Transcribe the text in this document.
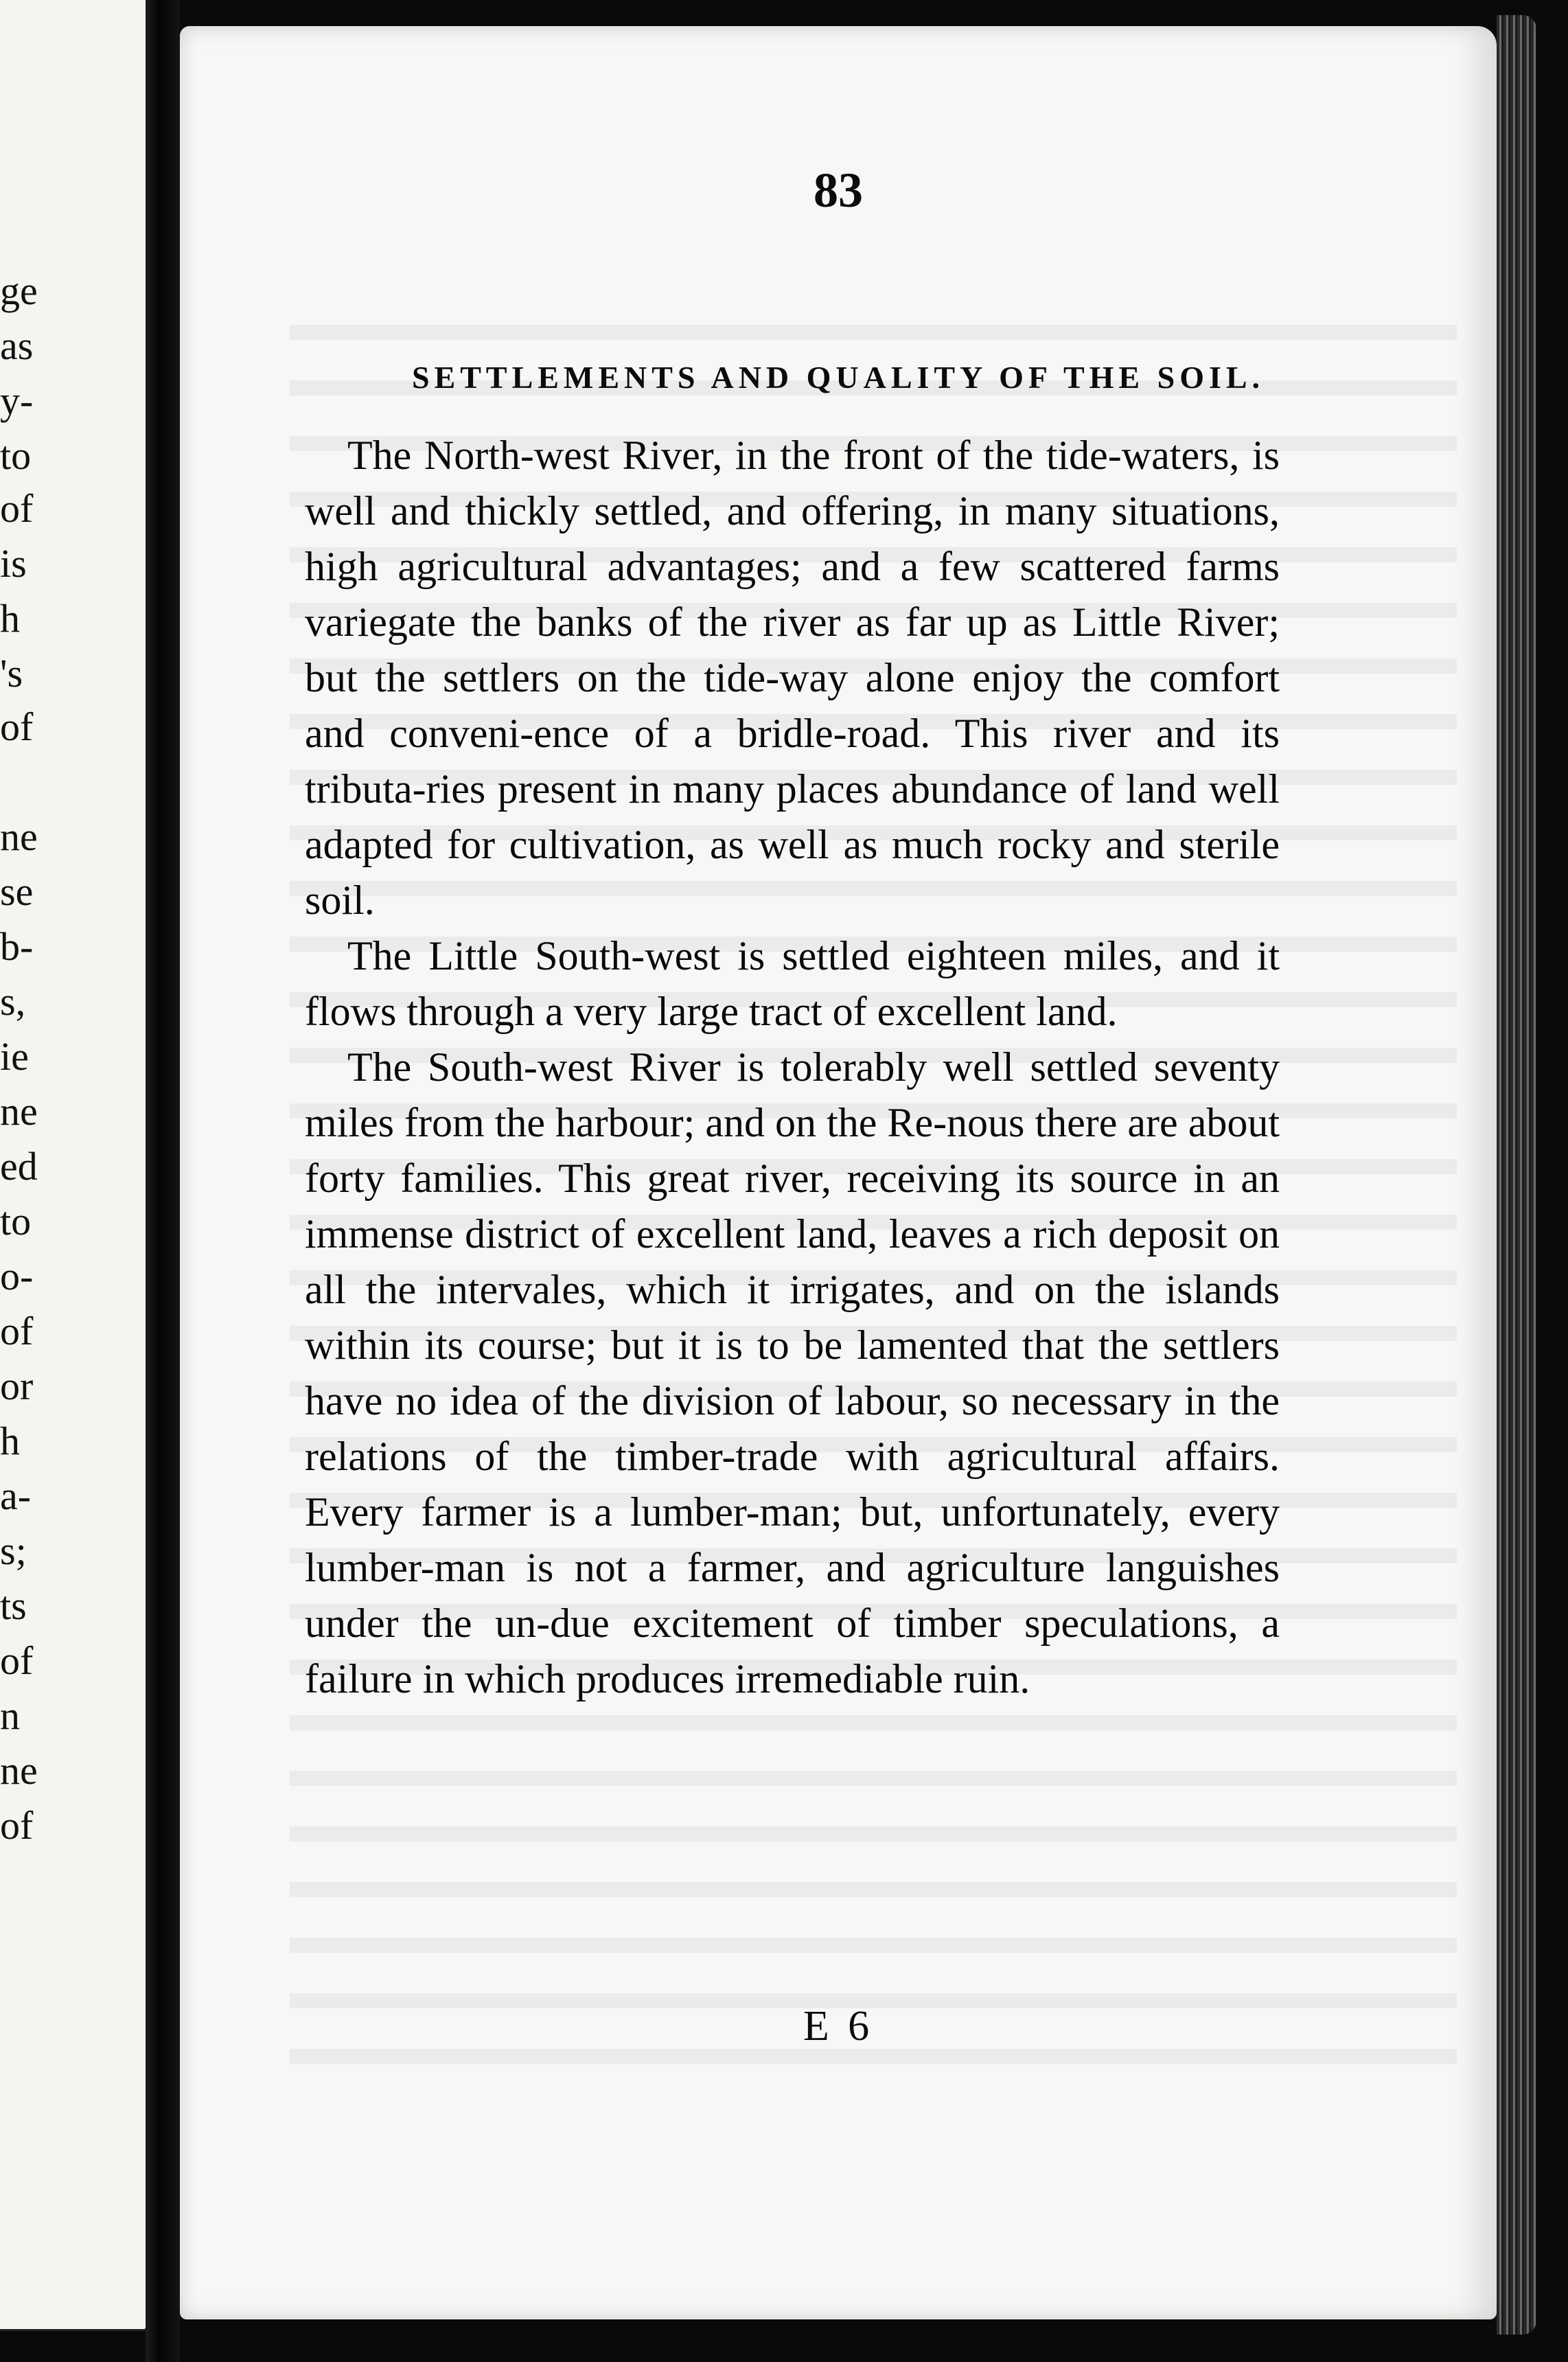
ge

as

y-

to

of

is

h

's

of

ne

se

b-

s,

ie

ne

ed

to

o-

of

or

h

a-

s;

ts

of

n

ne

of

83

SETTLEMENTS AND QUALITY OF THE SOIL.

The North-west River, in the front of the tide-waters, is well and thickly settled, and offering, in many situations, high agricultural advantages; and a few scattered farms variegate the banks of the river as far up as Little River; but the settlers on the tide-way alone enjoy the comfort and conveni-ence of a bridle-road. This river and its tributa-ries present in many places abundance of land well adapted for cultivation, as well as much rocky and sterile soil.

The Little South-west is settled eighteen miles, and it flows through a very large tract of excellent land.

The South-west River is tolerably well settled seventy miles from the harbour; and on the Re-nous there are about forty families. This great river, receiving its source in an immense district of excellent land, leaves a rich deposit on all the intervales, which it irrigates, and on the islands within its course; but it is to be lamented that the settlers have no idea of the division of labour, so necessary in the relations of the timber-trade with agricultural affairs. Every farmer is a lumber-man; but, unfortunately, every lumber-man is not a farmer, and agriculture languishes under the un-due excitement of timber speculations, a failure in which produces irremediable ruin.

E 6
